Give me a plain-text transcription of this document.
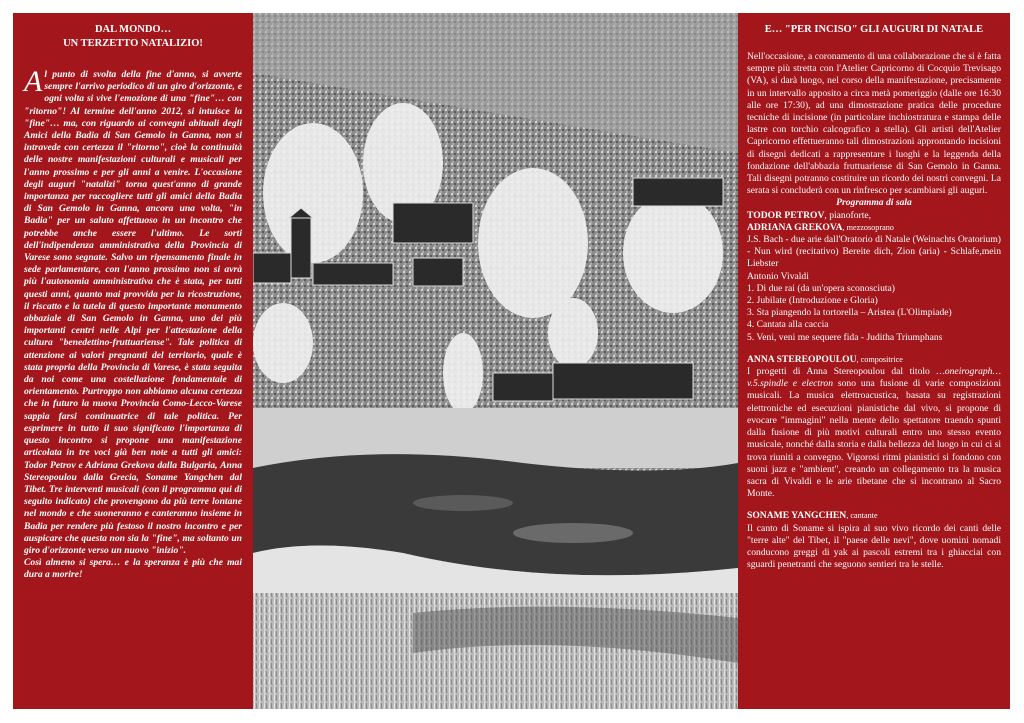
DAL MONDO…

UN TERZETTO NATALIZIO!

A l punto di svolta della fine d'anno, si avverte sempre l'arrivo periodico di un giro d'orizzonte, e ogni volta si vive l'emozione di una "fine"… con "ritorno"! Al termine dell'anno 2012, si intuisce la "fine"… ma, con riguardo ai convegni abituali degli Amici della Badia di San Gemolo in Ganna, non si intravede con certezza il "ritorno", cioè la continuità delle nostre manifestazioni culturali e musicali per l'anno prossimo e per gli anni a venire. L'occasione degli auguri "natalizi" torna quest'anno di grande importanza per raccogliere tutti gli amici della Badia di San Gemolo in Ganna, ancora una volta, "in Badia" per un saluto affettuoso in un incontro che potrebbe anche essere l'ultimo. Le sorti dell'indipendenza amministrativa della Provincia di Varese sono segnate. Salvo un ripensamento finale in sede parlamentare, con l'anno prossimo non si avrà più l'autonomia amministrativa che è stata, per tutti questi anni, quanto mai provvida per la ricostruzione, il riscatto e la tutela di questo importante monumento abbaziale di San Gemolo in Ganna, uno dei più importanti centri nelle Alpi per l'attestazione della cultura "benedettino-fruttuariense". Tale politica di attenzione ai valori pregnanti del territorio, quale è stata propria della Provincia di Varese, è stata seguita da noi come una costellazione fondamentale di orientamento. Purtroppo non abbiamo alcuna certezza che in futuro la nuova Provincia Como-Lecco-Varese sappia farsi continuatrice di tale politica. Per esprimere in tutto il suo significato l'importanza di questo incontro si propone una manifestazione articolata in tre voci già ben note a tutti gli amici: Todor Petrov e Adriana Grekova dalla Bulgaria, Anna Stereopoulou dalla Grecia, Soname Yangchen dal Tibet. Tre interventi musicali (con il programma qui di seguito indicato) che provengono da più terre lontane nel mondo e che suoneranno e canteranno insieme in Badia per rendere più festoso il nostro incontro e per auspicare che questa non sia la "fine", ma soltanto un giro d'orizzonte verso un nuovo "inizio".

Così almeno si spera… e la speranza è più che mai dura a morire!

E… "PER INCISO" GLI AUGURI DI NATALE

Nell'occasione, a coronamento di una collaborazione che si è fatta sempre più stretta con l'Atelier Capricorno di Cocquio Trevisago (VA), si darà luogo, nel corso della manifestazione, precisamente in un intervallo apposito a circa metà pomeriggio (dalle ore 16:30 alle ore 17:30), ad una dimostrazione pratica delle procedure tecniche di incisione (in particolare inchiostratura e stampa delle lastre con torchio calcografico a stella). Gli artisti dell'Atelier Capricorno effettueranno tali dimostrazioni approntando incisioni di disegni dedicati a rappresentare i luoghi e la leggenda della fondazione dell'abbazia fruttuariense di San Gemolo in Ganna. Tali disegni potranno costituire un ricordo dei nostri convegni. La serata si concluderà con un rinfresco per scambiarsi gli auguri.

Programma di sala

TODOR PETROV, pianoforte,

ADRIANA GREKOVA, mezzosoprano

J.S. Bach - due arie dall'Oratorio di Natale (Weinachts Oratorium) - Nun wird (recitativo) Bereite dich, Zion (aria) - Schlafe,mein Liebster

Antonio Vivaldi

1. Di due rai (da un'opera sconosciuta)

2. Jubilate (Introduzione e Gloria)

3. Sta piangendo la tortorella – Aristea (L'Olimpiade)

4. Cantata alla caccia

5. Veni, veni me sequere fida - Juditha Triumphans

ANNA STEREOPOULOU, compositrice

I progetti di Anna Stereopoulou dal titolo …oneirograph…v.5.spindle e electron sono una fusione di varie composizioni musicali. La musica elettroacustica, basata su registrazioni elettroniche ed esecuzioni pianistiche dal vivo, si propone di evocare "immagini" nella mente dello spettatore traendo spunti dalla fusione di più motivi culturali entro uno stesso evento musicale, nonché dalla storia e dalla bellezza del luogo in cui ci si trova riuniti a convegno. Vigorosi ritmi pianistici si fondono con suoni jazz e "ambient", creando un collegamento tra la musica sacra di Vivaldi e le arie tibetane che si incontrano al Sacro Monte.

SONAME YANGCHEN, cantante

Il canto di Soname si ispira al suo vivo ricordo dei canti delle "terre alte" del Tibet, il "paese delle nevi", dove uomini nomadi conducono greggi di yak ai pascoli estremi tra i ghiacciai con sguardi penetranti che seguono sentieri tra le stelle.
